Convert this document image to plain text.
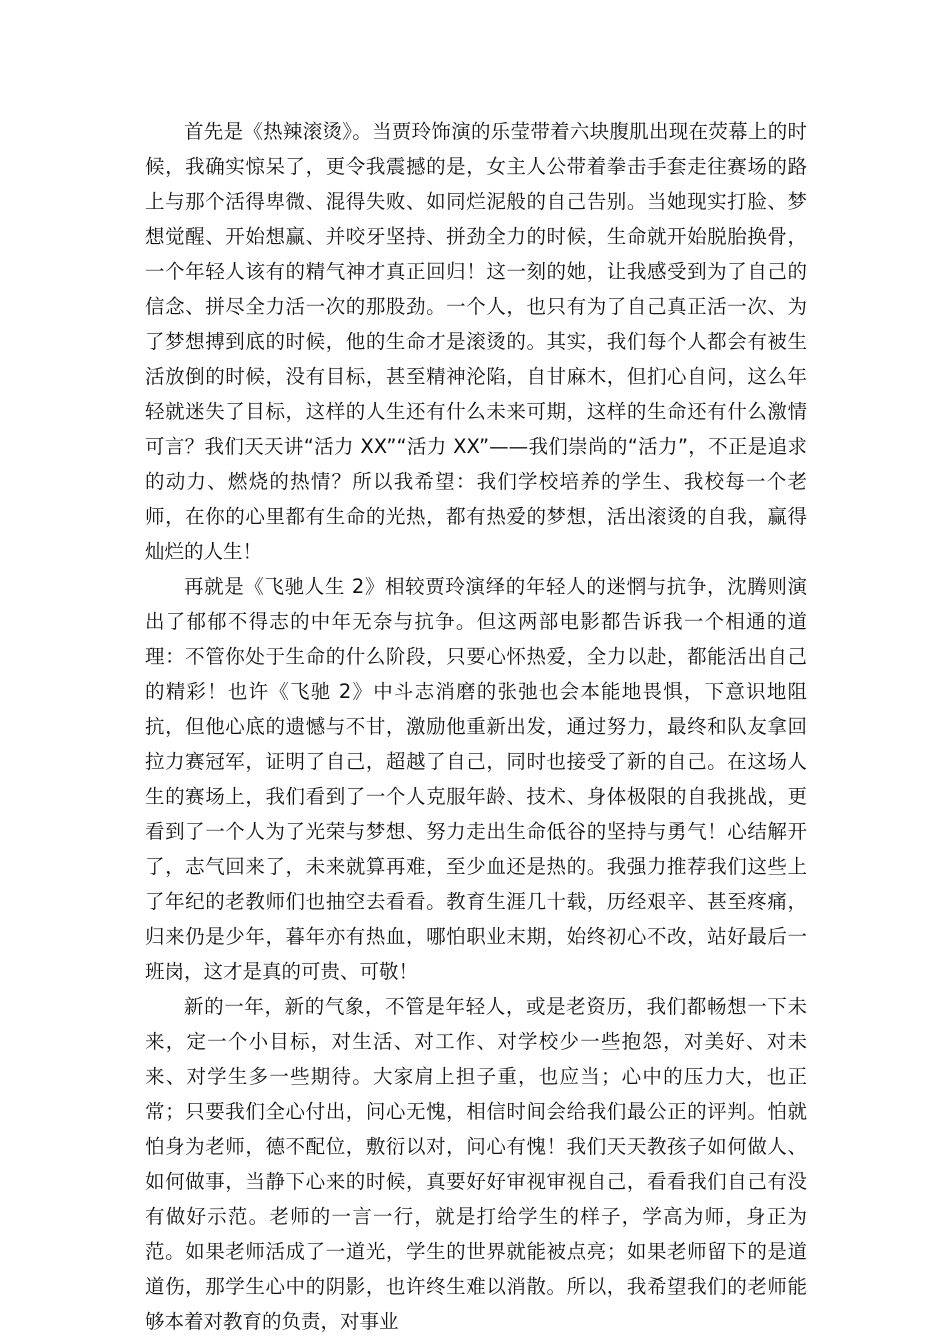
首先是《热辣滚烫》。当贾玲饰演的乐莹带着六块腹肌出现在荧幕上的时候，我确实惊呆了，更令我震撼的是，女主人公带着拳击手套走往赛场的路上与那个活得卑微、混得失败、如同烂泥般的自己告别。当她现实打脸、梦想觉醒、开始想赢、并咬牙坚持、拼劲全力的时候，生命就开始脱胎换骨，一个年轻人该有的精气神才真正回归！这一刻的她，让我感受到为了自己的信念、拼尽全力活一次的那股劲。一个人，也只有为了自己真正活一次、为了梦想搏到底的时候，他的生命才是滚烫的。其实，我们每个人都会有被生活放倒的时候，没有目标，甚至精神沦陷，自甘麻木，但扪心自问，这么年轻就迷失了目标，这样的人生还有什么未来可期，这样的生命还有什么激情可言？我们天天讲“活力 XX”“活力 XX”——我们崇尚的“活力”，不正是追求的动力、燃烧的热情？所以我希望：我们学校培养的学生、我校每一个老师，在你的心里都有生命的光热，都有热爱的梦想，活出滚烫的自我，赢得灿烂的人生！

再就是《飞驰人生 2》相较贾玲演绎的年轻人的迷惘与抗争，沈腾则演出了郁郁不得志的中年无奈与抗争。但这两部电影都告诉我一个相通的道理：不管你处于生命的什么阶段，只要心怀热爱，全力以赴，都能活出自己的精彩！也许《飞驰 2》中斗志消磨的张弛也会本能地畏惧，下意识地阻抗，但他心底的遗憾与不甘，激励他重新出发，通过努力，最终和队友拿回拉力赛冠军，证明了自己，超越了自己，同时也接受了新的自己。在这场人生的赛场上，我们看到了一个人克服年龄、技术、身体极限的自我挑战，更看到了一个人为了光荣与梦想、努力走出生命低谷的坚持与勇气！心结解开了，志气回来了，未来就算再难，至少血还是热的。我强力推荐我们这些上了年纪的老教师们也抽空去看看。教育生涯几十载，历经艰辛、甚至疼痛，归来仍是少年，暮年亦有热血，哪怕职业末期，始终初心不改，站好最后一班岗，这才是真的可贵、可敬！

新的一年，新的气象，不管是年轻人，或是老资历，我们都畅想一下未来，定一个小目标，对生活、对工作、对学校少一些抱怨，对美好、对未来、对学生多一些期待。大家肩上担子重，也应当；心中的压力大，也正常；只要我们全心付出，问心无愧，相信时间会给我们最公正的评判。怕就怕身为老师，德不配位，敷衍以对，问心有愧！我们天天教孩子如何做人、如何做事，当静下心来的时候，真要好好审视审视自己，看看我们自己有没有做好示范。老师的一言一行，就是打给学生的样子，学高为师，身正为范。如果老师活成了一道光，学生的世界就能被点亮；如果老师留下的是道道伤，那学生心中的阴影，也许终生难以消散。所以，我希望我们的老师能够本着对教育的负责，对事业
